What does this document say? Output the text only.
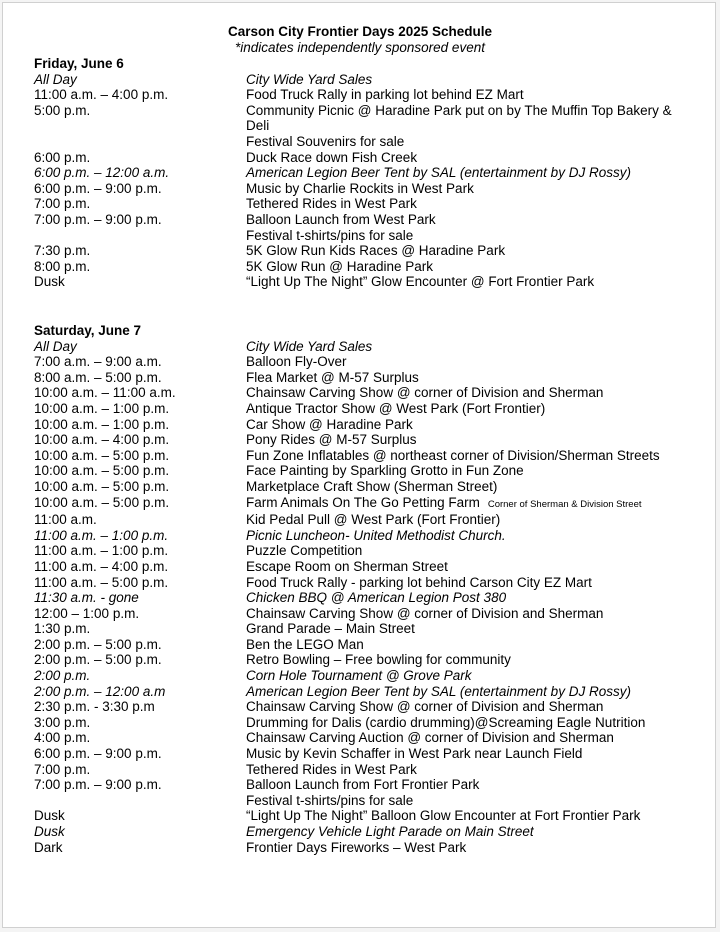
Carson City Frontier Days 2025 Schedule
*indicates independently sponsored event
Friday, June 6
All Day	City Wide Yard Sales
11:00 a.m. – 4:00 p.m.	Food Truck Rally in parking lot behind EZ Mart
5:00 p.m.	Community Picnic @ Haradine Park put on by The Muffin Top Bakery & Deli
Festival Souvenirs for sale
6:00 p.m.	Duck Race down Fish Creek
6:00 p.m. – 12:00 a.m.	American Legion Beer Tent by SAL (entertainment by DJ Rossy)
6:00 p.m. – 9:00 p.m.	Music by Charlie Rockits in West Park
7:00 p.m.	Tethered Rides in West Park
7:00 p.m. – 9:00 p.m.	Balloon Launch from West Park
Festival t-shirts/pins for sale
7:30 p.m.	5K Glow Run Kids Races @ Haradine Park
8:00 p.m.	5K Glow Run @ Haradine Park
Dusk	“Light Up The Night” Glow Encounter @ Fort Frontier Park
Saturday, June 7
All Day	City Wide Yard Sales
7:00 a.m. – 9:00 a.m.	Balloon Fly-Over
8:00 a.m. – 5:00 p.m.	Flea Market @ M-57 Surplus
10:00 a.m. – 11:00 a.m.	Chainsaw Carving Show @ corner of Division and Sherman
10:00 a.m. – 1:00 p.m.	Antique Tractor Show @ West Park (Fort Frontier)
10:00 a.m. – 1:00 p.m.	Car Show @ Haradine Park
10:00 a.m. – 4:00 p.m.	Pony Rides @ M-57 Surplus
10:00 a.m. – 5:00 p.m.	Fun Zone Inflatables @ northeast corner of Division/Sherman Streets
10:00 a.m. – 5:00 p.m.	Face Painting by Sparkling Grotto in Fun Zone
10:00 a.m. – 5:00 p.m.	Marketplace Craft Show (Sherman Street)
10:00 a.m. – 5:00 p.m.	Farm Animals On The Go Petting Farm Corner of Sherman & Division Street
11:00 a.m.	Kid Pedal Pull @ West Park (Fort Frontier)
11:00 a.m. – 1:00 p.m.	Picnic Luncheon- United Methodist Church.
11:00 a.m. – 1:00 p.m.	Puzzle Competition
11:00 a.m. – 4:00 p.m.	Escape Room on Sherman Street
11:00 a.m. – 5:00 p.m.	Food Truck Rally - parking lot behind Carson City EZ Mart
11:30 a.m. - gone	Chicken BBQ @ American Legion Post 380
12:00 – 1:00 p.m.	Chainsaw Carving Show @ corner of Division and Sherman
1:30 p.m.	Grand Parade – Main Street
2:00 p.m. – 5:00 p.m.	Ben the LEGO Man
2:00 p.m. – 5:00 p.m.	Retro Bowling – Free bowling for community
2:00 p.m.	Corn Hole Tournament @ Grove Park
2:00 p.m. – 12:00 a.m	American Legion Beer Tent by SAL (entertainment by DJ Rossy)
2:30 p.m. - 3:30 p.m	Chainsaw Carving Show @ corner of Division and Sherman
3:00 p.m.	Drumming for Dalis (cardio drumming)@Screaming Eagle Nutrition
4:00 p.m.	Chainsaw Carving Auction @ corner of Division and Sherman
6:00 p.m. – 9:00 p.m.	Music by Kevin Schaffer in West Park near Launch Field
7:00 p.m.	Tethered Rides in West Park
7:00 p.m. – 9:00 p.m.	Balloon Launch from Fort Frontier Park
Festival t-shirts/pins for sale
Dusk	“Light Up The Night” Balloon Glow Encounter at Fort Frontier Park
Dusk	Emergency Vehicle Light Parade on Main Street
Dark	Frontier Days Fireworks – West Park
